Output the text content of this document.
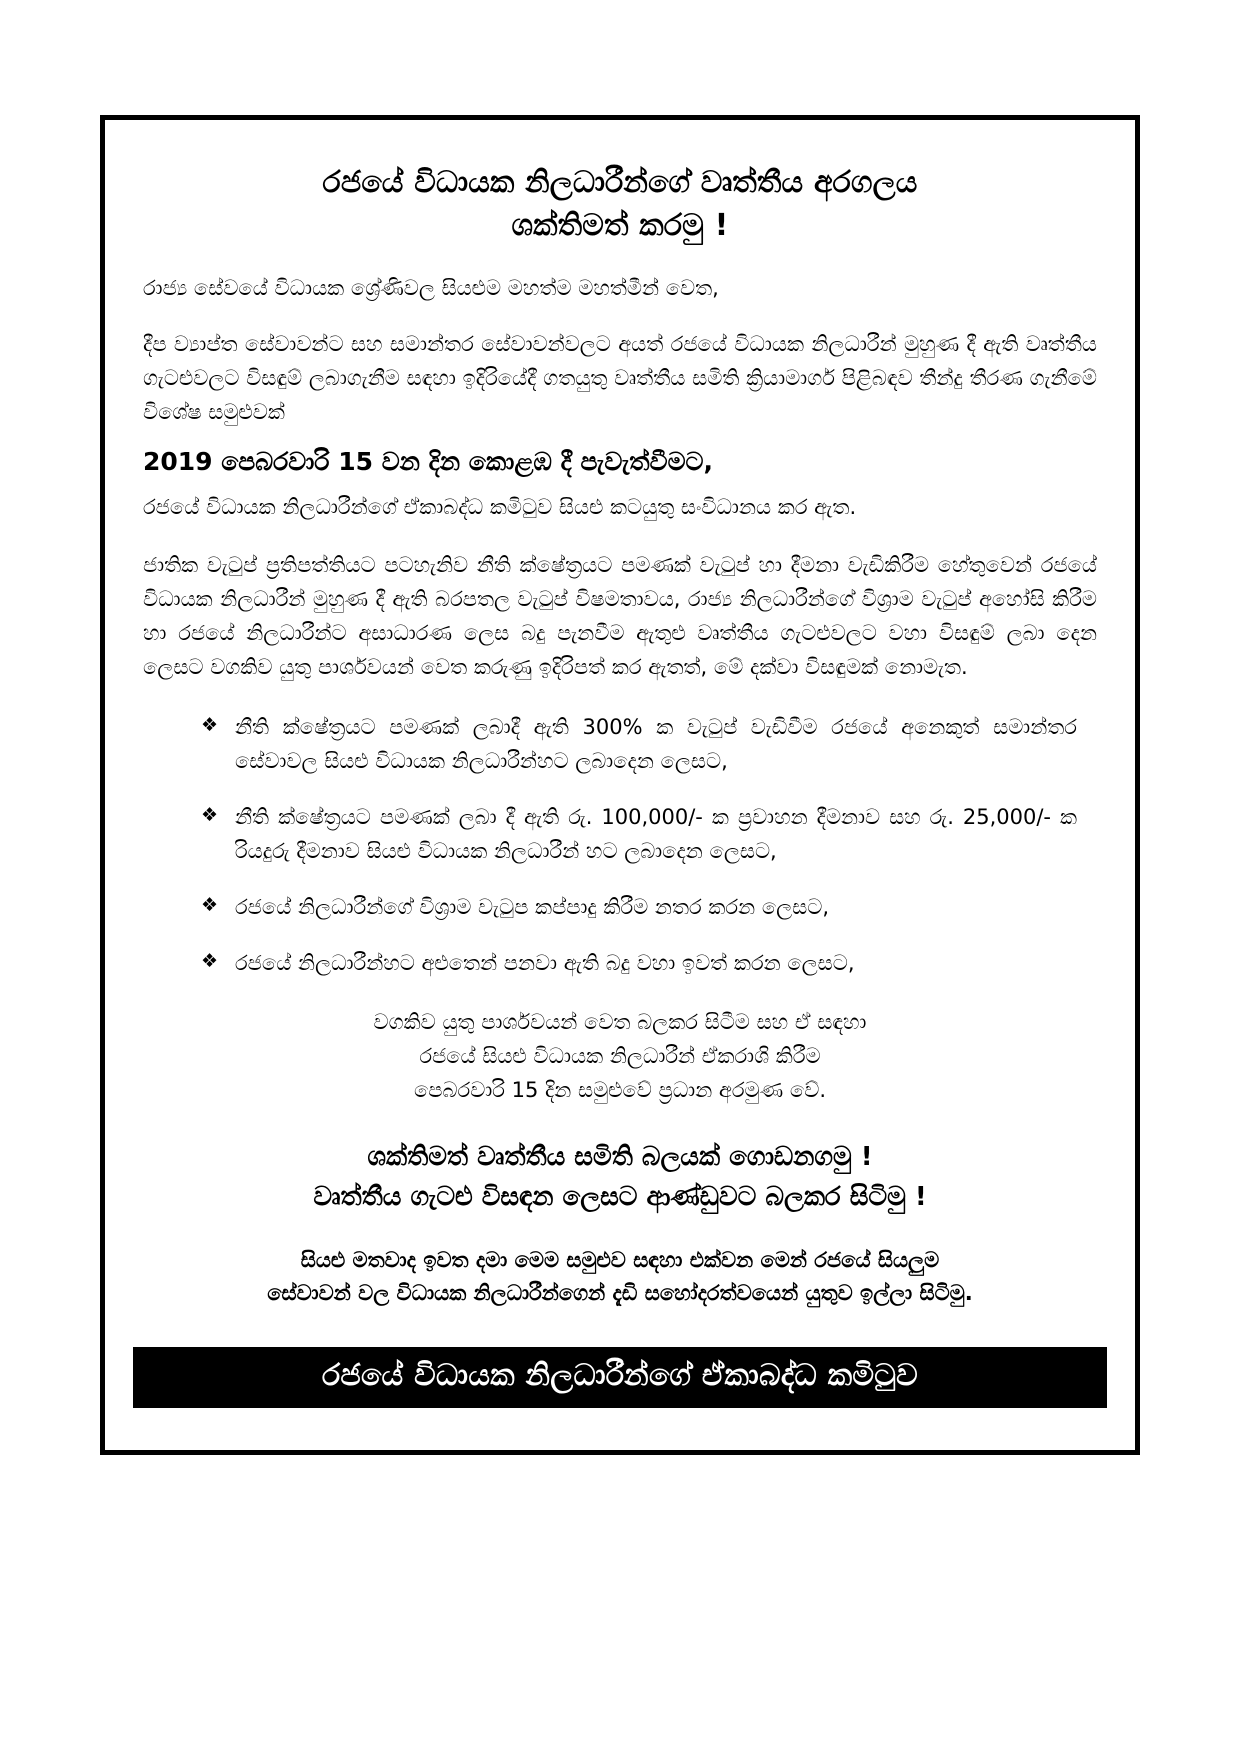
රජයේ විධායක නිලධාරීන්ගේ වෘත්තීය අරගලය
ශක්තිමත් කරමු !
රාජ්‍ය සේවයේ විධායක ශ්‍රේණිවල සියළුම මහත්ම මහත්මීන් වෙත,

දීප ව්‍යාප්ත සේවාවන්ට සහ සමාන්තර සේවාවන්වලට අයත් රජයේ විධායක නිලධාරීන් මුහුණ දී ඇති වෘත්තීය ගැටළුවලට විසඳුම් ලබාගැනීම සඳහා ඉදිරියේදී ගතයුතු වෘත්තීය සමිති ක්‍රියාමාර්ග පිළිබඳව තීන්දු තීරණ ගැනීමේ විශේෂ සමුළුවක්

2019 පෙබරවාරි 15 වන දින කොළඹ දී පැවැත්වීමට,
රජයේ විධායක නිලධාරීන්ගේ ඒකාබද්ධ කමිටුව සියළු කටයුතු සංවිධානය කර ඇත.

ජාතික වැටුප් ප්‍රතිපත්තියට පටහැනිව නීති ක්ෂේත්‍රයට පමණක් වැටුප් හා දීමනා වැඩිකිරීම හේතුවෙන් රජයේ විධායක නිලධාරීන් මුහුණ දී ඇති බරපතල වැටුප් විෂමතාවය, රාජ්‍ය නිලධාරීන්ගේ විශ්‍රාම වැටුප් අහෝසි කිරීම හා රජයේ නිලධාරීන්ට අසාධාරණ ලෙස බදු පැනවීම ඇතුළු වෘත්තීය ගැටළුවලට වහා විසඳුම් ලබා දෙන ලෙසට වගකිව යුතු පාර්ශවයන් වෙත කරුණු ඉදිරිපත් කර ඇතත්, මේ දක්වා විසඳුමක් නොමැත.

❖ නීති ක්ෂේත්‍රයට පමණක් ලබාදී ඇති 300% ක වැටුප් වැඩිවීම රජයේ අනෙකුත් සමාන්තර සේවාවල සියළු විධායක නිලධාරීන්හට ලබාදෙන ලෙසට,
❖ නීති ක්ෂේත්‍රයට පමණක් ලබා දී ඇති රු. 100,000/- ක ප්‍රවාහන දීමනාව සහ රු. 25,000/- ක රියදුරු දීමනාව සියළු විධායක නිලධාරීන් හට ලබාදෙන ලෙසට,
❖ රජයේ නිලධාරීන්ගේ විශ්‍රාම වැටුප කප්පාදු කිරීම නතර කරන ලෙසට,
❖ රජයේ නිලධාරීන්හට අළුතෙන් පනවා ඇති බදු වහා ඉවත් කරන ලෙසට,
වගකිව යුතු පාර්ශවයන් වෙත බලකර සිටීම සහ ඒ සඳහා
රජයේ සියළු විධායක නිලධාරීන් ඒකරාශි කිරීම
පෙබරවාරි 15 දින සමුළුවේ ප්‍රධාන අරමුණ වේ.
ශක්තිමත් වෘත්තීය සමිති බලයක් ගොඩනගමු !
වෘත්තීය ගැටළු විසඳන ලෙසට ආණ්ඩුවට බලකර සිටිමු !
සියළු මතවාද ඉවත දමා මෙම සමුළුව සඳහා එක්වන මෙන් රජයේ සියලුම
සේවාවන් වල විධායක නිලධාරීන්ගෙන් දැඩි සහෝදරත්වයෙන් යුතුව ඉල්ලා සිටිමු.
රජයේ විධායක නිලධාරීන්ගේ ඒකාබද්ධ කමිටුව
